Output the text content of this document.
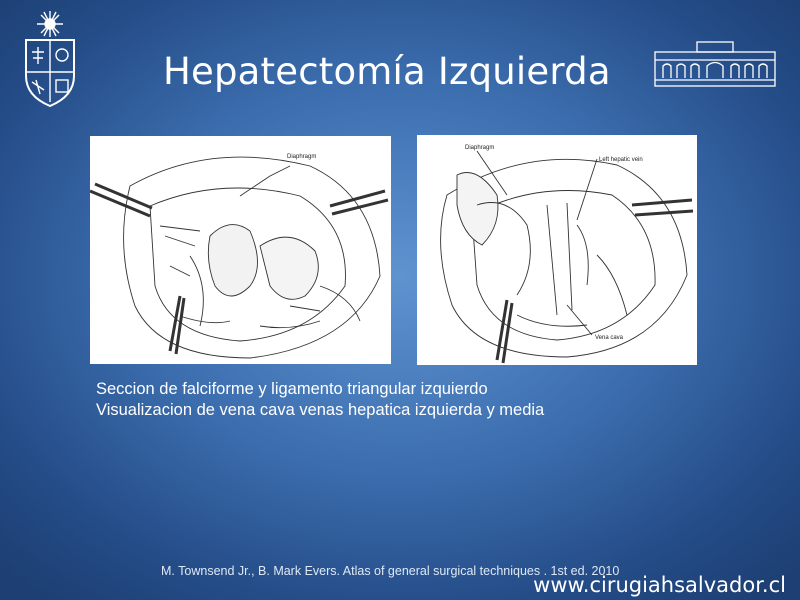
Hepatectomía Izquierda
Diaphragm
Diaphragm
Left hepatic vein
Vena cava
Seccion de falciforme y ligamento triangular izquierdo
Visualizacion de vena cava venas hepatica izquierda y media
M. Townsend Jr., B. Mark Evers. Atlas of general surgical techniques . 1st ed. 2010
www.cirugiahsalvador.cl
